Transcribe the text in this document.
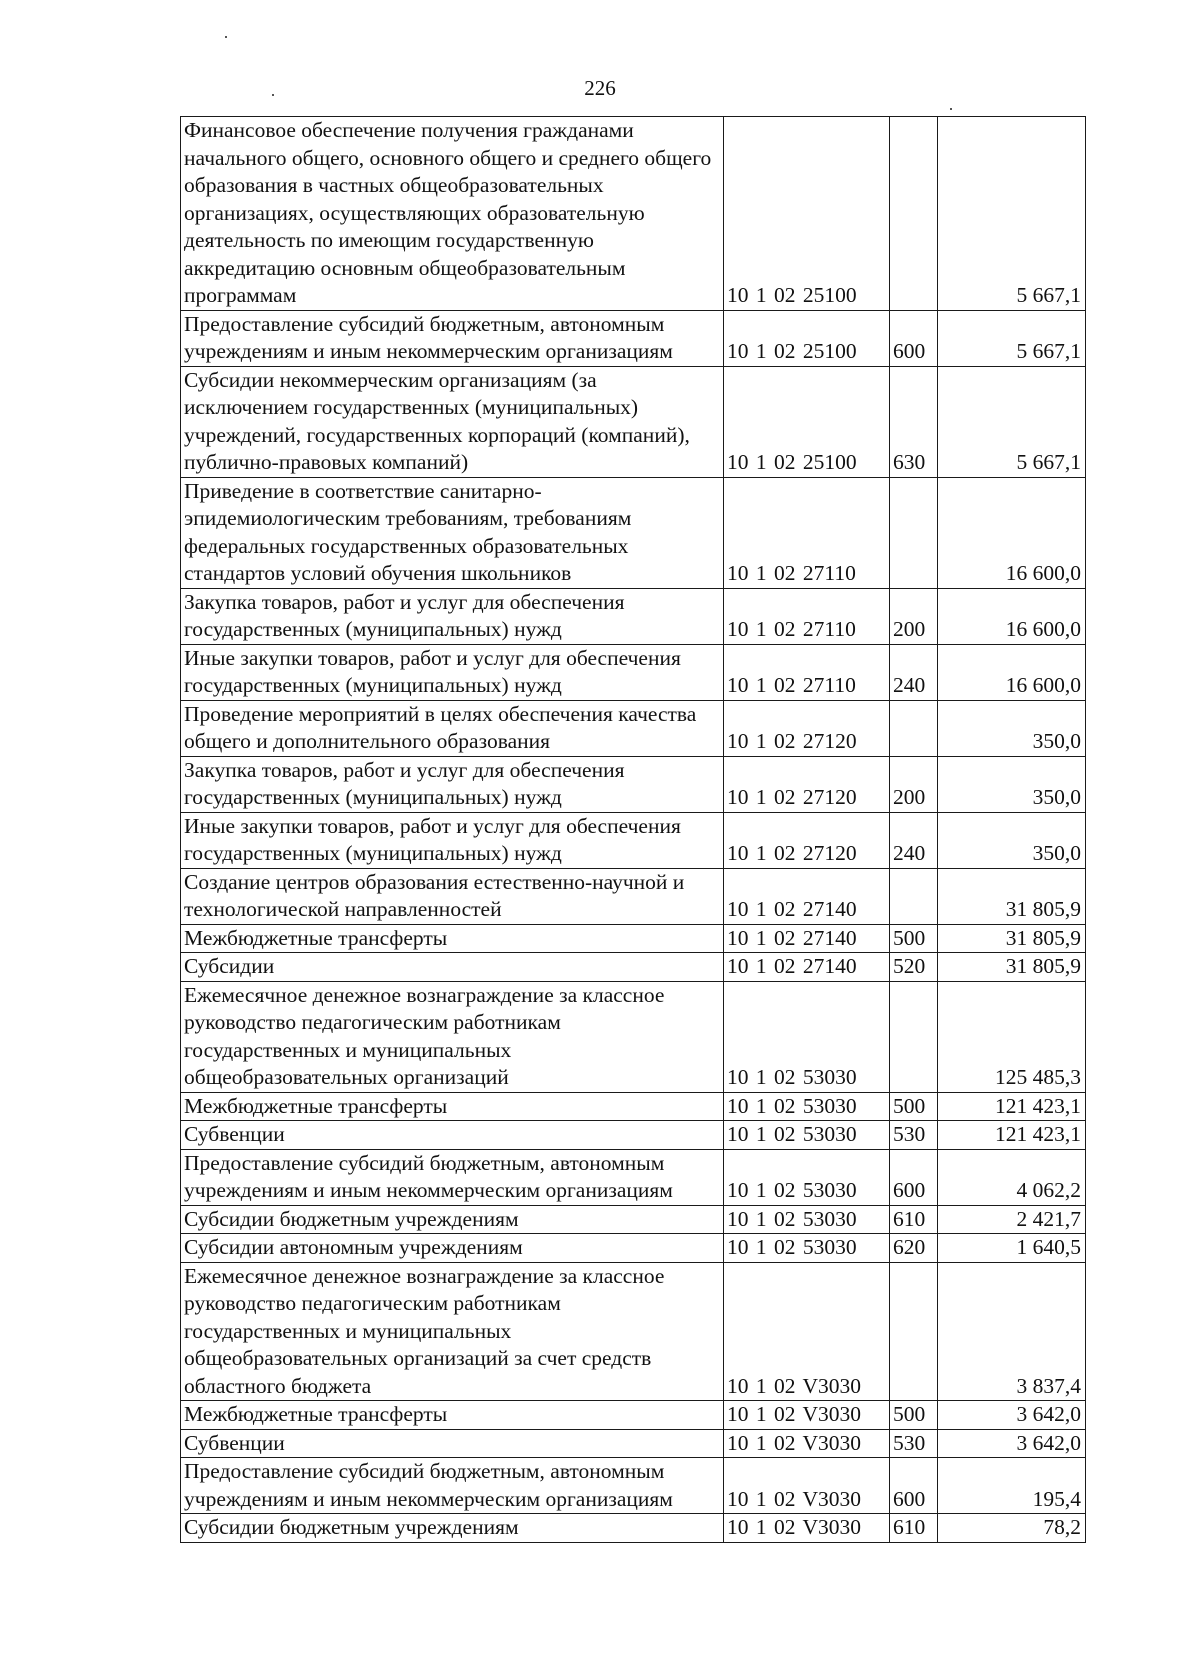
226
Финансовое обеспечение получения гражданами начального общего, основного общего и среднего общего образования в частных общеобразовательных организациях, осуществляющих образовательную деятельность по имеющим государственную аккредитацию основным общеобразовательным программам	10 1 02 25100		5 667,1
Предоставление субсидий бюджетным, автономным учреждениям и иным некоммерческим организациям	10 1 02 25100	600	5 667,1
Субсидии некоммерческим организациям (за исключением государственных (муниципальных) учреждений, государственных корпораций (компаний), публично-правовых компаний)	10 1 02 25100	630	5 667,1
Приведение в соответствие санитарно-эпидемиологическим требованиям, требованиям федеральных государственных образовательных стандартов условий обучения школьников	10 1 02 27110		16 600,0
Закупка товаров, работ и услуг для обеспечения государственных (муниципальных) нужд	10 1 02 27110	200	16 600,0
Иные закупки товаров, работ и услуг для обеспечения государственных (муниципальных) нужд	10 1 02 27110	240	16 600,0
Проведение мероприятий в целях обеспечения качества общего и дополнительного образования	10 1 02 27120		350,0
Закупка товаров, работ и услуг для обеспечения государственных (муниципальных) нужд	10 1 02 27120	200	350,0
Иные закупки товаров, работ и услуг для обеспечения государственных (муниципальных) нужд	10 1 02 27120	240	350,0
Создание центров образования естественно-научной и технологической направленностей	10 1 02 27140		31 805,9
Межбюджетные трансферты	10 1 02 27140	500	31 805,9
Субсидии	10 1 02 27140	520	31 805,9
Ежемесячное денежное вознаграждение за классное руководство педагогическим работникам государственных и муниципальных общеобразовательных организаций	10 1 02 53030		125 485,3
Межбюджетные трансферты	10 1 02 53030	500	121 423,1
Субвенции	10 1 02 53030	530	121 423,1
Предоставление субсидий бюджетным, автономным учреждениям и иным некоммерческим организациям	10 1 02 53030	600	4 062,2
Субсидии бюджетным учреждениям	10 1 02 53030	610	2 421,7
Субсидии автономным учреждениям	10 1 02 53030	620	1 640,5
Ежемесячное денежное вознаграждение за классное руководство педагогическим работникам государственных и муниципальных общеобразовательных организаций за счет средств областного бюджета	10 1 02 V3030		3 837,4
Межбюджетные трансферты	10 1 02 V3030	500	3 642,0
Субвенции	10 1 02 V3030	530	3 642,0
Предоставление субсидий бюджетным, автономным учреждениям и иным некоммерческим организациям	10 1 02 V3030	600	195,4
Субсидии бюджетным учреждениям	10 1 02 V3030	610	78,2
